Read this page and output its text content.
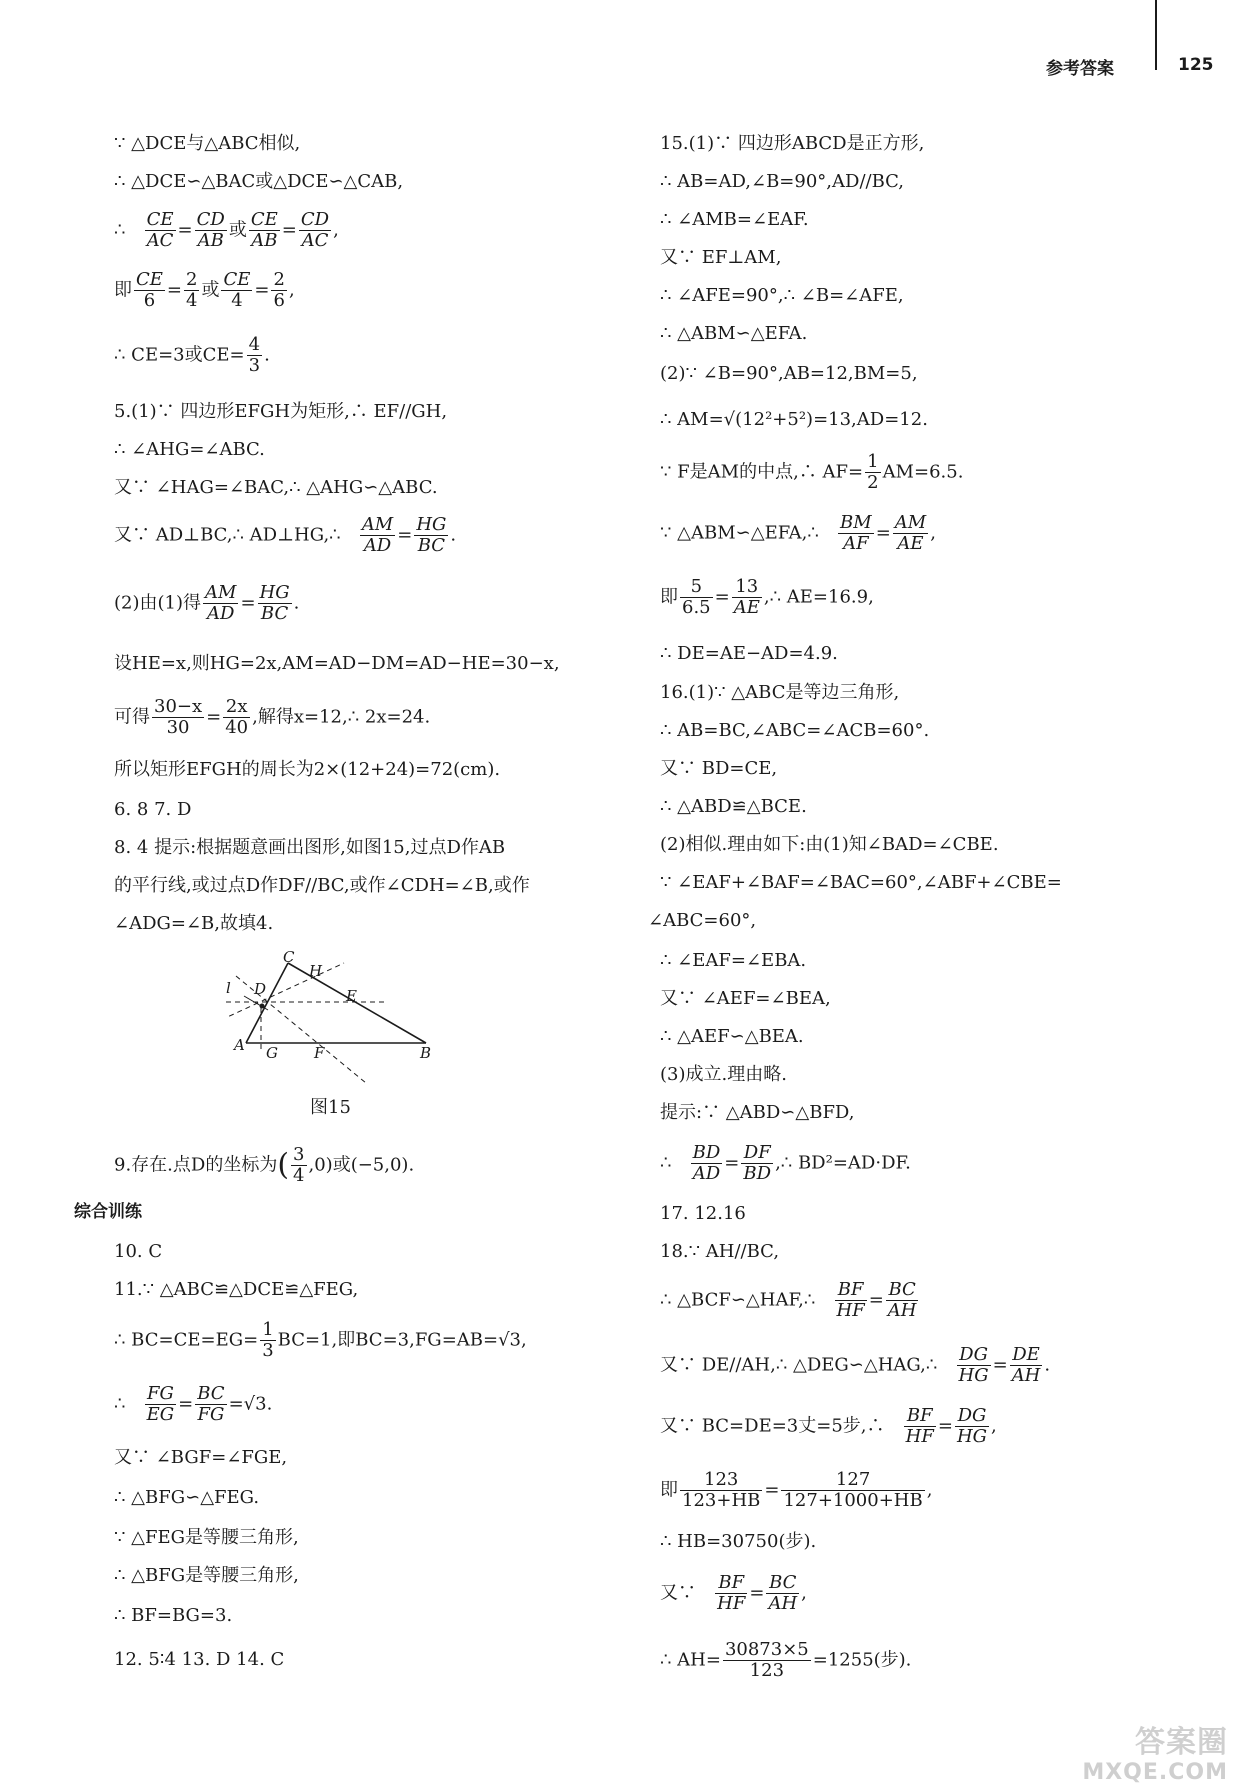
参考答案	125
∵ △DCE与△ABC相似,
∴ △DCE∽△BAC或△DCE∽△CAB,
∴ $\frac{CE}{AC} = \frac{CD}{AB}$ 或 $\frac{CE}{AB} = \frac{CD}{AC}$ ,
即 $\frac{CE}{6} = \frac{2}{4}$ 或 $\frac{CE}{4} = \frac{2}{6}$ ,
∴ CE=3或$CE= \frac{4}{3}$ .
5.(1)∵ 四边形EFGH为矩形,∴ EF//GH,
∴ ∠AHG=∠ABC.
又∵ ∠HAG=∠BAC,∴ △AHG∽△ABC.
又∵ AD⊥BC,∴ AD⊥HG,∴ $\frac{AM}{AD} = \frac{HG}{BC}$ .
(2)由(1)得 $\frac{AM}{AD} = \frac{HG}{BC}$ .
设HE=x,则HG=2x,AM=AD−DM=AD−HE=30−x,
可得 $\frac{30-x}{30} = \frac{2x}{40}$ ,解得x=12,∴ 2x=24.
所以矩形EFGH的周长为2×(12+24)=72(cm).
6. 8 7. D
8. 4 提示:根据题意画出图形,如图15,过点D作AB
的平行线,或过点D作DF//BC,或作∠CDH=∠B,或作
∠ADG=∠B,故填4.
9.存在.点D的坐标为( $\frac{3}{4} ,0$)或(−5,0).
综合训练
10. C
11.∵ △ABC≌△DCE≌△FEG,
∴ $BC=CE=EG= \frac{1}{3} BC=1$,即BC=3,FG=AB=√3,
∴ $\frac{FG}{EG} = \frac{BC}{FG} =√3$.
又∵ ∠BGF=∠FGE,
∴ △BFG∽△FEG.
∵ △FEG是等腰三角形,
∴ △BFG是等腰三角形,
∴ BF=BG=3.
12. 5∶4 13. D 14. C
C
H
l D	E
A G F	B
图15
15.(1)∵ 四边形ABCD是正方形,
∴ AB=AD,∠B=90°,AD//BC,
∴ ∠AMB=∠EAF.
又∵ EF⊥AM,
∴ ∠AFE=90°,∴ ∠B=∠AFE,
∴ △ABM∽△EFA.
(2)∵ ∠B=90°,AB=12,BM=5,
∴ AM=√(12²+5²)=13,AD=12.
∵ F是AM的中点,∴ $AF= \frac{1}{2} AM=6.5$.
∵ △ABM∽△EFA,∴ $\frac{BM}{AF} = \frac{AM}{AE}$ ,
即 $\frac{5}{6.5} = \frac{13}{AE}$ ,∴ AE=16.9,
∴ DE=AE−AD=4.9.
16.(1)∵ △ABC是等边三角形,
∴ AB=BC,∠ABC=∠ACB=60°.
又∵ BD=CE,
∴ △ABD≌△BCE.
(2)相似.理由如下:由(1)知∠BAD=∠CBE.
∵ ∠EAF+∠BAF=∠BAC=60°,∠ABF+∠CBE=
∠ABC=60°,
∴ ∠EAF=∠EBA.
又∵ ∠AEF=∠BEA,
∴ △AEF∽△BEA.
(3)成立.理由略.
提示:∵ △ABD∽△BFD,
∴ $\frac{BD}{AD} = \frac{DF}{BD}$ ,∴ BD²=AD·DF.
17. 12.16
18.∵ AH//BC,
∴ △BCF∽△HAF,∴ $\frac{BF}{HF} = \frac{BC}{AH}$
又∵ DE//AH,∴ △DEG∽△HAG,∴ $\frac{DG}{HG} = \frac{DE}{AH}$ .
又∵ BC=DE=3丈=5步,∴ $\frac{BF}{HF} = \frac{DG}{HG}$ ,
即 $\frac{123}{123+HB} = \frac{127}{127+1000+HB}$ ,
∴ HB=30750(步).
又∵ $\frac{BF}{HF} = \frac{BC}{AH}$ ,
∴ $AH= \frac{30873\times 5}{123} =1255$(步).
答案圈
MXQE.COM
